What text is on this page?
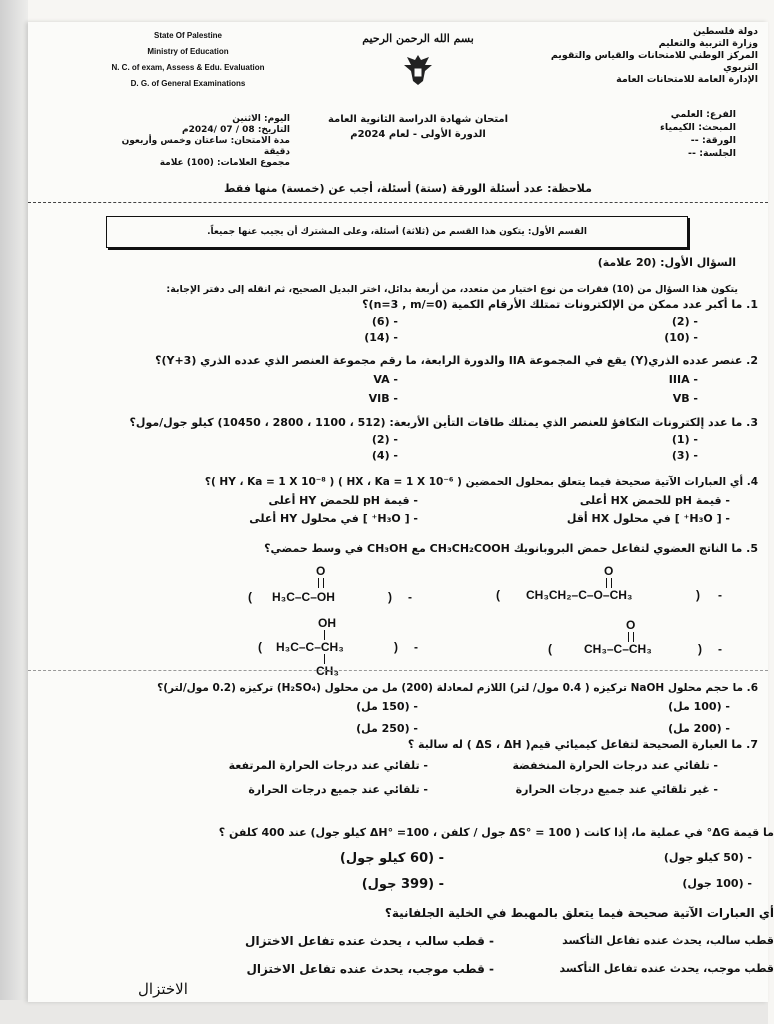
State Of Palestine
Ministry of Education
N. C. of exam, Assess & Edu. Evaluation
D. G. of General Examinations
بسم الله الرحمن الرحيم
امتحان شهادة الدراسة الثانوية العامة
الدورة الأولى - لعام 2024م
دولة فلسطين
وزارة التربية والتعليم
المركز الوطني للامتحانات والقياس والتقويم التربوي
الإدارة العامة للامتحانات العامة
اليوم: الاثنين
التاريخ: 08 / 07 /2024م
مدة الامتحان: ساعتان وخمس وأربعون دقيقة
مجموع العلامات: (100) علامة
الفرع: العلمي
المبحث: الكيمياء
الورقة: --
الجلسة: --
ملاحظة: عدد أسئلة الورقة (ستة) أسئلة، أجب عن (خمسة) منها فقط
القسم الأول: يتكون هذا القسم من (ثلاثة) أسئلة، وعلى المشترك أن يجيب عنها جميعاً.
السؤال الأول: (20 علامة)
يتكون هذا السؤال من (10) فقرات من نوع اختيار من متعدد، من أربعة بدائل، اختر البديل الصحيح، ثم انقله إلى دفتر الإجابة:
1. ما أكبر عدد ممكن من الإلكترونات تمتلك الأرقام الكمية (n=3 , m/=0)؟
- (2)
- (6)
- (10)
- (14)
2. عنصر عدده الذري(Y) يقع في المجموعة IIA والدورة الرابعة، ما رقم مجموعة العنصر الذي عدده الذري (Y+3)؟
- IIIA
- VA
- VB
- VIB
3. ما عدد إلكترونات التكافؤ للعنصر الذي يمتلك طاقات التأين الأربعة: (512 ، 1100 ، 2800 ، 10450) كيلو جول/مول؟
- (1)
- (2)
- (3)
- (4)
4. أي العبارات الآتية صحيحة فيما يتعلق بمحلول الحمضين ( HX ، Ka = 1 X 10⁻⁶ ) ( HY ، Ka = 1 X 10⁻⁸ )؟
- قيمة pH للحمض HX أعلى
- قيمة pH للحمض HY أعلى
- [ H₃O⁺ ] في محلول HX أقل
- [ H₃O⁺ ] في محلول HY أعلى
5. ما الناتج العضوي لتفاعل حمض البروبانويك CH₃CH₂COOH مع CH₃OH في وسط حمضي؟
O
CH₃CH₂–C–O–CH₃
(	) -
O
H₃C–C–OH
(	) -
O
CH₃–C–CH₃
(	) -
OH
H₃C–C–CH₃
CH₃
(	) -
6. ما حجم محلول NaOH تركيزه ( 0.4 مول/ لتر) اللازم لمعادلة (200) مل من محلول (H₂SO₄) تركيزه (0.2 مول/لتر)؟
- (100 مل)
- (150 مل)
- (200 مل)
- (250 مل)
7. ما العبارة الصحيحة لتفاعل كيميائي قيم( ΔS ، ΔH ) له سالبة ؟
- تلقائي عند درجات الحرارة المنخفضة
- تلقائي عند درجات الحرارة المرتفعة
- غير تلقائي عند جميع درجات الحرارة
- تلقائي عند جميع درجات الحرارة
ما قيمة ΔG° في عملية ما، إذا كانت ( ΔS° = 100 جول / كلفن ، ΔH° =100 كيلو جول) عند 400 كلفن ؟
- (50 كيلو جول)
- (60 كيلو جول)
- (100 جول)
- (399 جول)
أي العبارات الآتية صحيحة فيما يتعلق بالمهبط في الخلية الجلفانية؟
قطب سالب، يحدث عنده تفاعل التأكسد
- قطب سالب ، يحدث عنده تفاعل الاختزال
قطب موجب، يحدث عنده تفاعل التأكسد
- قطب موجب، يحدث عنده تفاعل الاختزال
الاختزال
